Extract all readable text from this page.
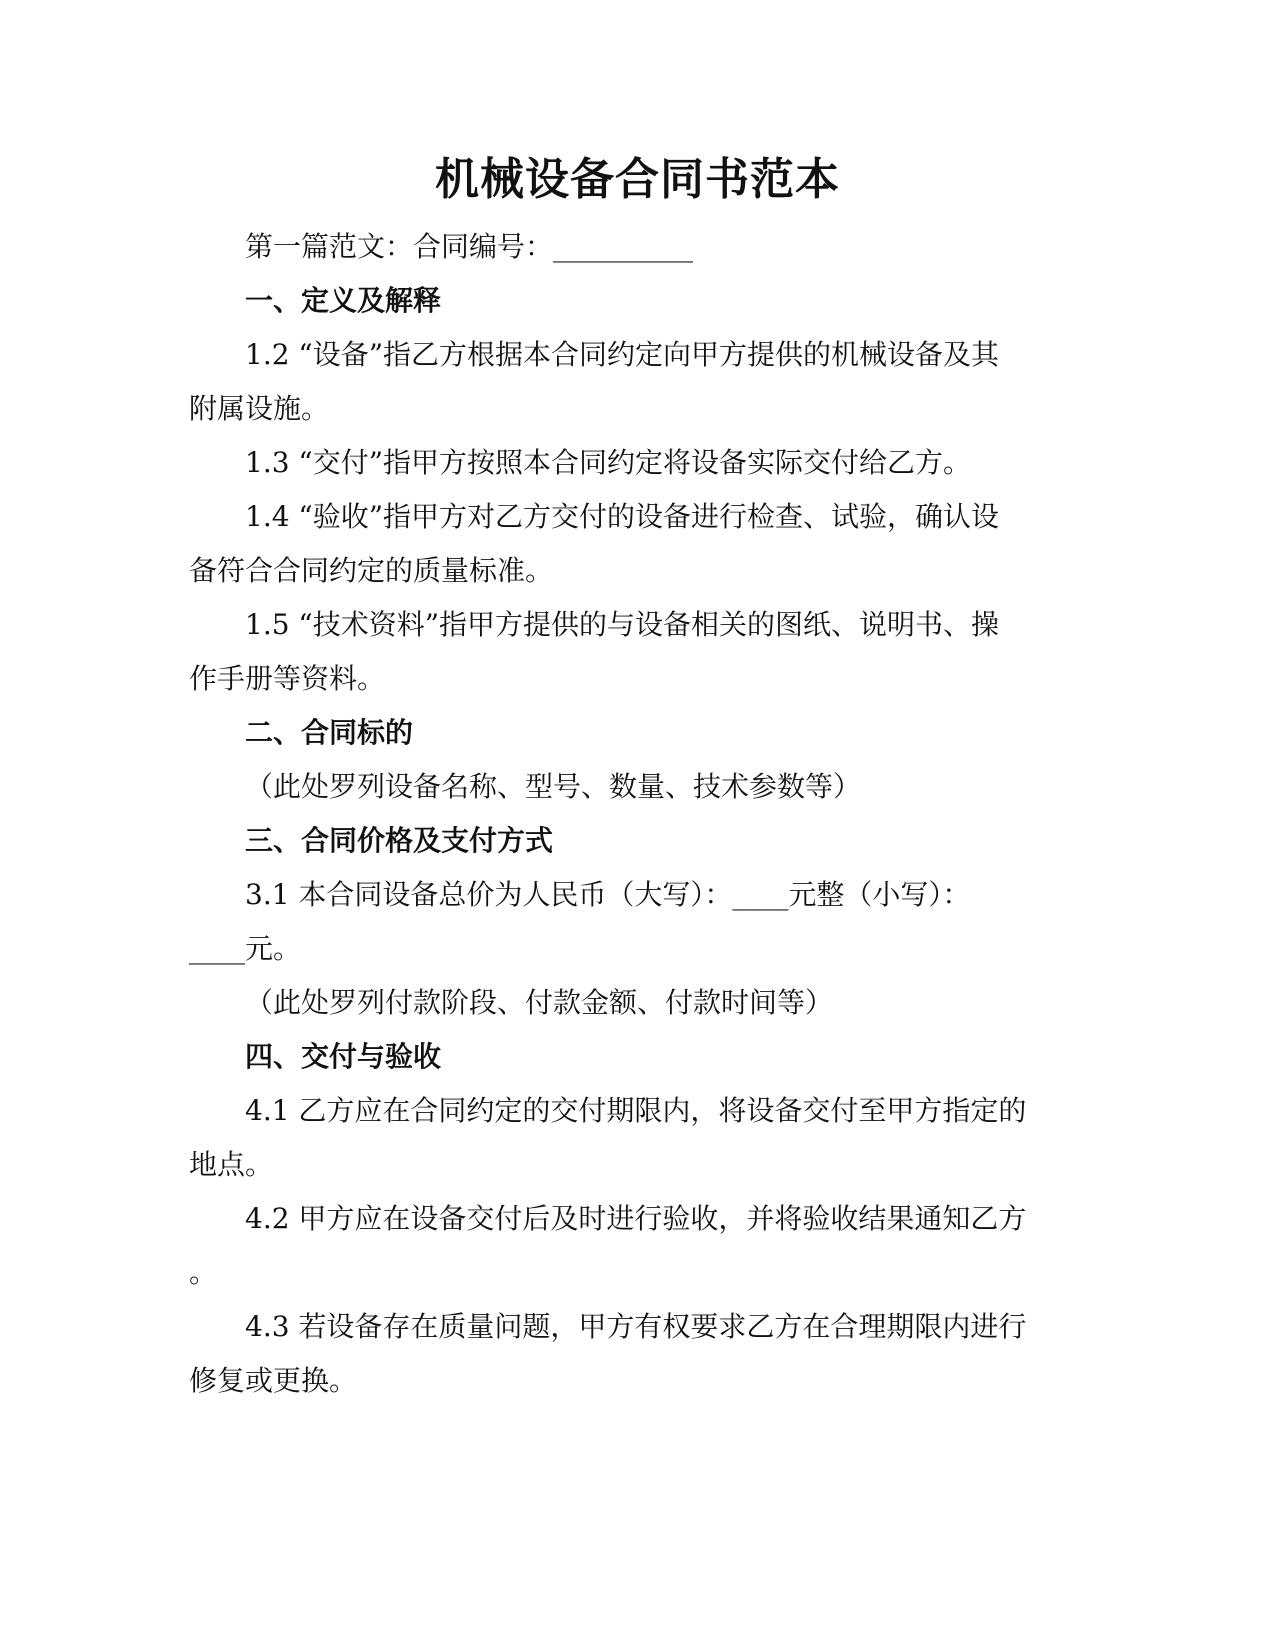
机械设备合同书范本
第一篇范文：合同编号：__________
一、定义及解释
1.2 “设备”指乙方根据本合同约定向甲方提供的机械设备及其
附属设施。
1.3 “交付”指甲方按照本合同约定将设备实际交付给乙方。
1.4 “验收”指甲方对乙方交付的设备进行检查、试验，确认设
备符合合同约定的质量标准。
1.5 “技术资料”指甲方提供的与设备相关的图纸、说明书、操
作手册等资料。
二、合同标的
（此处罗列设备名称、型号、数量、技术参数等）
三、合同价格及支付方式
3.1 本合同设备总价为人民币（大写）：____元整（小写）：
____元。
（此处罗列付款阶段、付款金额、付款时间等）
四、交付与验收
4.1 乙方应在合同约定的交付期限内，将设备交付至甲方指定的
地点。
4.2 甲方应在设备交付后及时进行验收，并将验收结果通知乙方
。
4.3 若设备存在质量问题，甲方有权要求乙方在合理期限内进行
修复或更换。
